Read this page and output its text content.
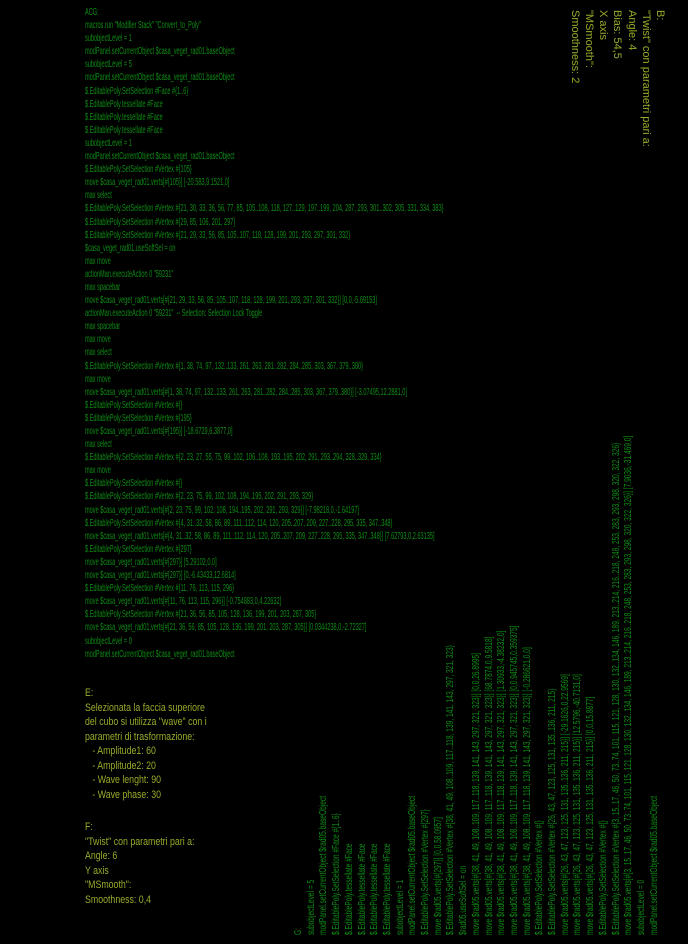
ACG:
macros.run "Modifier Stack" "Convert_to_Poly"
subobjectLevel = 1
modPanel.setCurrentObject $casa_veget_rad01.baseObject
subobjectLevel = 5
modPanel.setCurrentObject $casa_veget_rad01.baseObject
$.EditablePoly.SetSelection #Face #{1..6}
$.EditablePoly.tessellate #Face
$.EditablePoly.tessellate #Face
$.EditablePoly.tessellate #Face
subobjectLevel = 1
modPanel.setCurrentObject $casa_veget_rad01.baseObject
$.EditablePoly.SetSelection #Vertex #{105}
move $casa_veget_rad01.verts[#{105}] [-20.583,9.1521,0]
max select
$.EditablePoly.SetSelection #Vertex #{21, 30, 33, 36, 56, 77, 85, 105..108, 118, 127..129, 197..199, 204, 287, 293, 301..302, 305, 331, 334, 383}
$.EditablePoly.SetSelection #Vertex #{29, 85, 106, 201, 297}
$.EditablePoly.SetSelection #Vertex #{21, 29, 33, 56, 85, 105..107, 118, 128, 199, 201, 293, 297, 301, 332}
$casa_veget_rad01.useSoftSel = on
max move
actionMan.executeAction 0 "59231"
max spacebar
move $casa_veget_rad01.verts[#{21, 29, 33, 56, 85, 105..107, 118, 128, 199, 201, 293, 297, 301, 332}] [0,0,-5.69153]
actionMan.executeAction 0 "59231"  -- Selection: Selection Lock Toggle
max spacebar
max move
max select
$.EditablePoly.SetSelection #Vertex #{1, 38, 74, 97, 132..133, 261, 263, 281..282, 284..285, 303, 367, 379..380}
max move
move $casa_veget_rad01.verts[#{1, 38, 74, 97, 132..133, 261, 263, 281..282, 284..285, 303, 367, 379..380}] [-3.07495,12.2881,0]
$.EditablePoly.SetSelection #Vertex #{}
$.EditablePoly.SetSelection #Vertex #{195}
move $casa_veget_rad01.verts[#{195}] [-18.6729,6.3877,0]
max select
$.EditablePoly.SetSelection #Vertex #{2, 23, 27, 55, 75, 99..102, 106..108, 193..195, 202, 291, 293..294, 328..329, 334}
max move
$.EditablePoly.SetSelection #Vertex #{}
$.EditablePoly.SetSelection #Vertex #{2, 23, 75, 99, 102, 108, 194..195, 202, 291, 293, 329}
move $casa_veget_rad01.verts[#{2, 23, 75, 99, 102, 108, 194..195, 202, 291, 293, 329}] [-7.98218,0,-1.64197]
$.EditablePoly.SetSelection #Vertex #{4, 31..32, 58, 86, 89, 111..112, 114, 120, 205..207, 209, 227..228, 295, 335, 347..348}
move $casa_veget_rad01.verts[#{4, 31..32, 58, 86, 89, 111..112, 114, 120, 205..207, 209, 227..228, 295, 335, 347..348}] [7.62793,0,2.63135]
$.EditablePoly.SetSelection #Vertex #{297}
move $casa_veget_rad01.verts[#{297}] [5.29102,0,0]
move $casa_veget_rad01.verts[#{297}] [0,-6.43433,12.6814]
$.EditablePoly.SetSelection #Vertex #{11, 76, 113, 115, 296}
move $casa_veget_rad01.verts[#{11, 76, 113, 115, 296}] [-0.754883,0,4.22632]
$.EditablePoly.SetSelection #Vertex #{21, 36, 56, 85, 105, 128, 136, 199, 201, 203, 287, 305}
move $casa_veget_rad01.verts[#{21, 36, 56, 85, 105, 128, 136, 199, 201, 203, 287, 305}] [0.0344238,0,-2.72327]
subobjectLevel = 0
modPanel.setCurrentObject $casa_veget_rad01.baseObject
E:
Selezionata la faccia superiore
del cubo si utilizza "wave" con i
parametri di trasformazione:
- Amplitude1: 60
- Amplitude2: 20
- Wave lenght: 90
- Wave phase: 30
F:
"Twist" con parametri pari a:
Angle: 6
Y axis
"MSmooth":
Smoothness: 0,4
B:
"Twist" con parametri pari a:
Angle: 4
Bias: 54,5
X axis
"MSmooth":
Smoothness: 2
G: subobjectLevel = 5 modPanel.setCurrentObject $rad05.baseObject $.EditablePoly.SetSelection #Face #{1..6} $.EditablePoly.tessellate #Face $.EditablePoly.tessellate #Face $.EditablePoly.tessellate #Face $.EditablePoly.tessellate #Face subobjectLevel = 1 modPanel.setCurrentObject $rad05.baseObject $.EditablePoly.SetSelection #Vertex #{297} move $rad05.verts[#{297}] [0,0,58.0957] $.EditablePoly.SetSelection #Vertex #{38, 41, 49, 108..109, 117..118, 139, 141, 143, 297, 321, 323} $rad05.useSoftSel = on move $rad05.verts[#{38, 41, 49, 108..109, 117..118, 139, 141, 143, 297, 321, 323}] [0,0,26.8995] move $rad05.verts[#{38, 41, 49, 108..109, 117..118, 139, 141, 143, 297, 321, 323}] [68.7874,0,9.5818] move $rad05.verts[#{38, 41, 49, 108..109, 117..118, 139, 141, 143, 297, 321, 323}] [1.30933,-4.38232,0] move $rad05.verts[#{38, 41, 49, 108..109, 117..118, 139, 141, 143, 297, 321, 323}] [0,0.945745,0.359375] move $rad05.verts[#{38, 41, 49, 108..109, 117..118, 139, 141, 143, 297, 321, 323}] [-0.286621,0,0] $.EditablePoly.SetSelection #Vertex #{} $.EditablePoly.SetSelection #Vertex #{26, 43, 47, 123, 125, 131, 135..136, 211, 215} move $rad05.verts[#{26, 43, 47, 123, 125, 131, 135..136, 211, 215}] [-29.1626,0,22.9569] move $rad05.verts[#{26, 43, 47, 123, 125, 131, 135..136, 211, 215}] [12.5796,-40.7131,0] move $rad05.verts[#{26, 43, 47, 123, 125, 131, 135..136, 211, 215}] [0,0,15.8877] $.EditablePoly.SetSelection #Vertex #{} $.EditablePoly.SetSelection #Vertex #{3, 15..17, 46, 50, 73..74, 101, 115, 121, 128, 130, 132..134, 146, 189, 213..214, 216..218, 248, 253, 283, 293, 298, 320, 322, 326} move $rad05.verts[#{3, 15..17, 46, 50, 73..74, 101, 115, 121, 128, 130, 132..134, 146, 189, 213..214, 216..218, 248, 253, 283, 293, 298, 320, 322, 326}] [7.9036,-31.469,0] subobjectLevel = 0 modPanel.setCurrentObject $rad05.baseObject
